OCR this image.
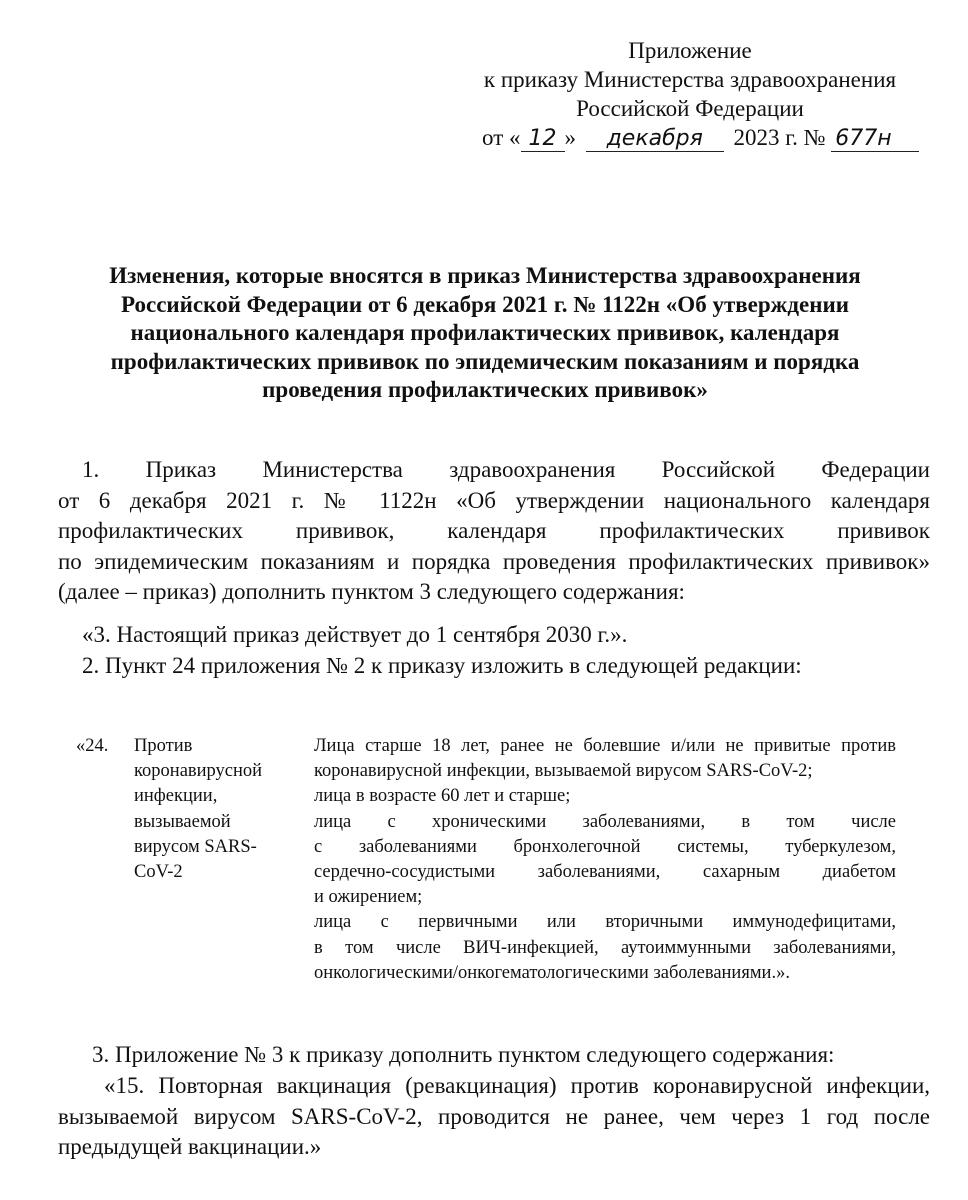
Приложение
к приказу Министерства здравоохранения
Российской Федерации
от « 12 » декабря 2023 г. № 677н
Изменения, которые вносятся в приказ Министерства здравоохранения
Российской Федерации от 6 декабря 2021 г. № 1122н «Об утверждении
национального календаря профилактических прививок, календаря
профилактических прививок по эпидемическим показаниям и порядка
проведения профилактических прививок»
1. Приказ Министерства здравоохранения Российской Федерации
от 6 декабря 2021 г. № 1122н «Об утверждении национального календаря
профилактических прививок, календаря профилактических прививок
по эпидемическим показаниям и порядка проведения профилактических прививок»
(далее – приказ) дополнить пунктом 3 следующего содержания:
«3. Настоящий приказ действует до 1 сентября 2030 г.».
2. Пункт 24 приложения № 2 к приказу изложить в следующей редакции:
«24. Против
коронавирусной
инфекции,
вызываемой
вирусом SARS-
CoV-2
Лица старше 18 лет, ранее не болевшие и/или не привитые против
коронавирусной инфекции, вызываемой вирусом SARS-CoV-2;
лица в возрасте 60 лет и старше;
лица с хроническими заболеваниями, в том числе
с заболеваниями бронхолегочной системы, туберкулезом,
сердечно-сосудистыми заболеваниями, сахарным диабетом
и ожирением;
лица с первичными или вторичными иммунодефицитами,
в том числе ВИЧ-инфекцией, аутоиммунными заболеваниями,
онкологическими/онкогематологическими заболеваниями.».
3. Приложение № 3 к приказу дополнить пунктом следующего содержания:
«15. Повторная вакцинация (ревакцинация) против коронавирусной инфекции,
вызываемой вирусом SARS-CoV-2, проводится не ранее, чем через 1 год после
предыдущей вакцинации.»
